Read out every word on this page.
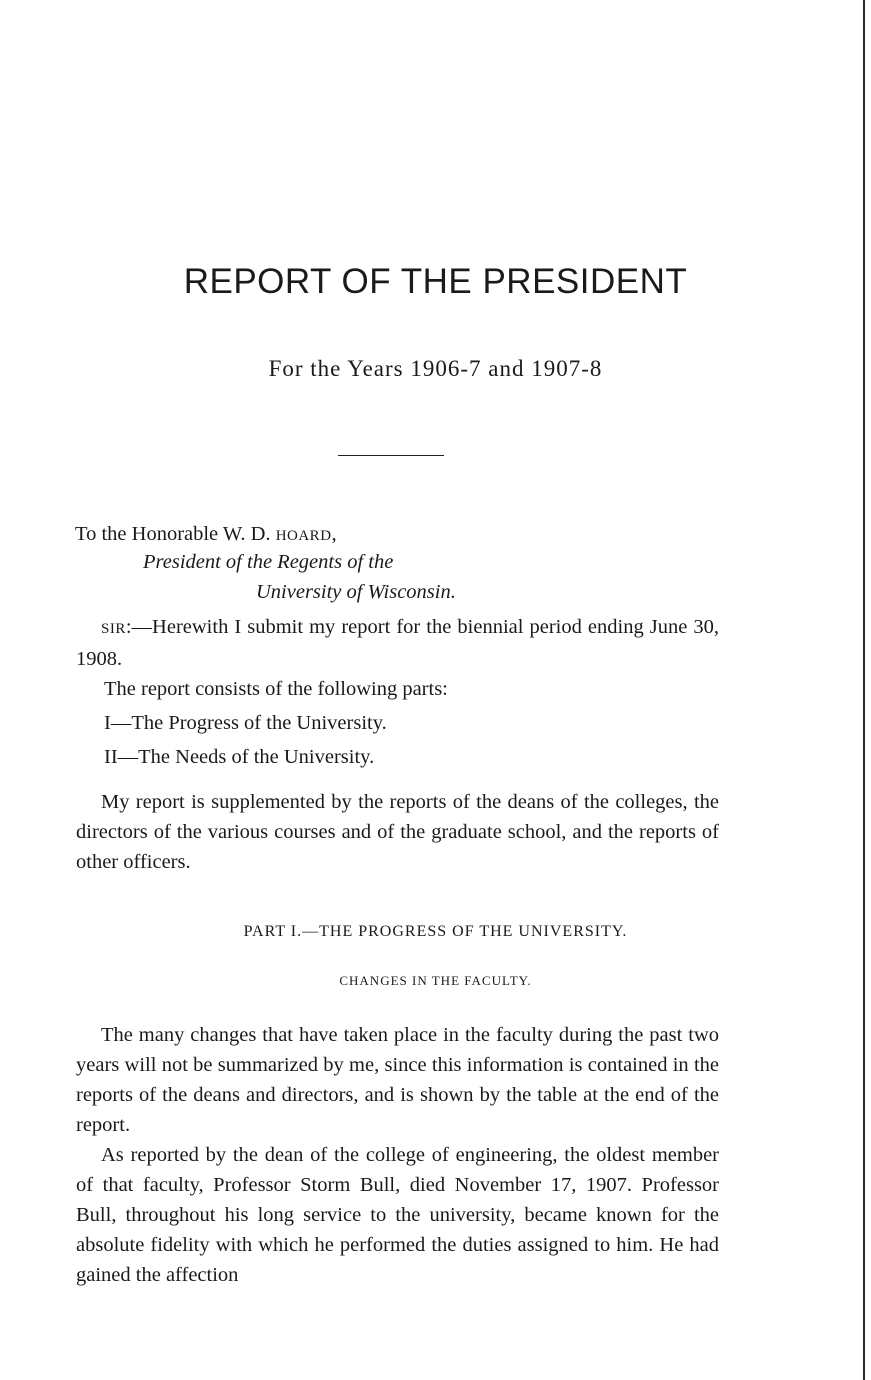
REPORT OF THE PRESIDENT
For the Years 1906-7 and 1907-8
To the Honorable W. D. HOARD,
President of the Regents of the
University of Wisconsin.

SIR:—Herewith I submit my report for the biennial period ending June 30, 1908.

The report consists of the following parts:
I—The Progress of the University.
II—The Needs of the University.

My report is supplemented by the reports of the deans of the colleges, the directors of the various courses and of the graduate school, and the reports of other officers.

PART I.—THE PROGRESS OF THE UNIVERSITY.
CHANGES IN THE FACULTY.

The many changes that have taken place in the faculty during the past two years will not be summarized by me, since this information is contained in the reports of the deans and directors, and is shown by the table at the end of the report.

As reported by the dean of the college of engineering, the oldest member of that faculty, Professor Storm Bull, died November 17, 1907. Professor Bull, throughout his long service to the university, became known for the absolute fidelity with which he performed the duties assigned to him. He had gained the affection
